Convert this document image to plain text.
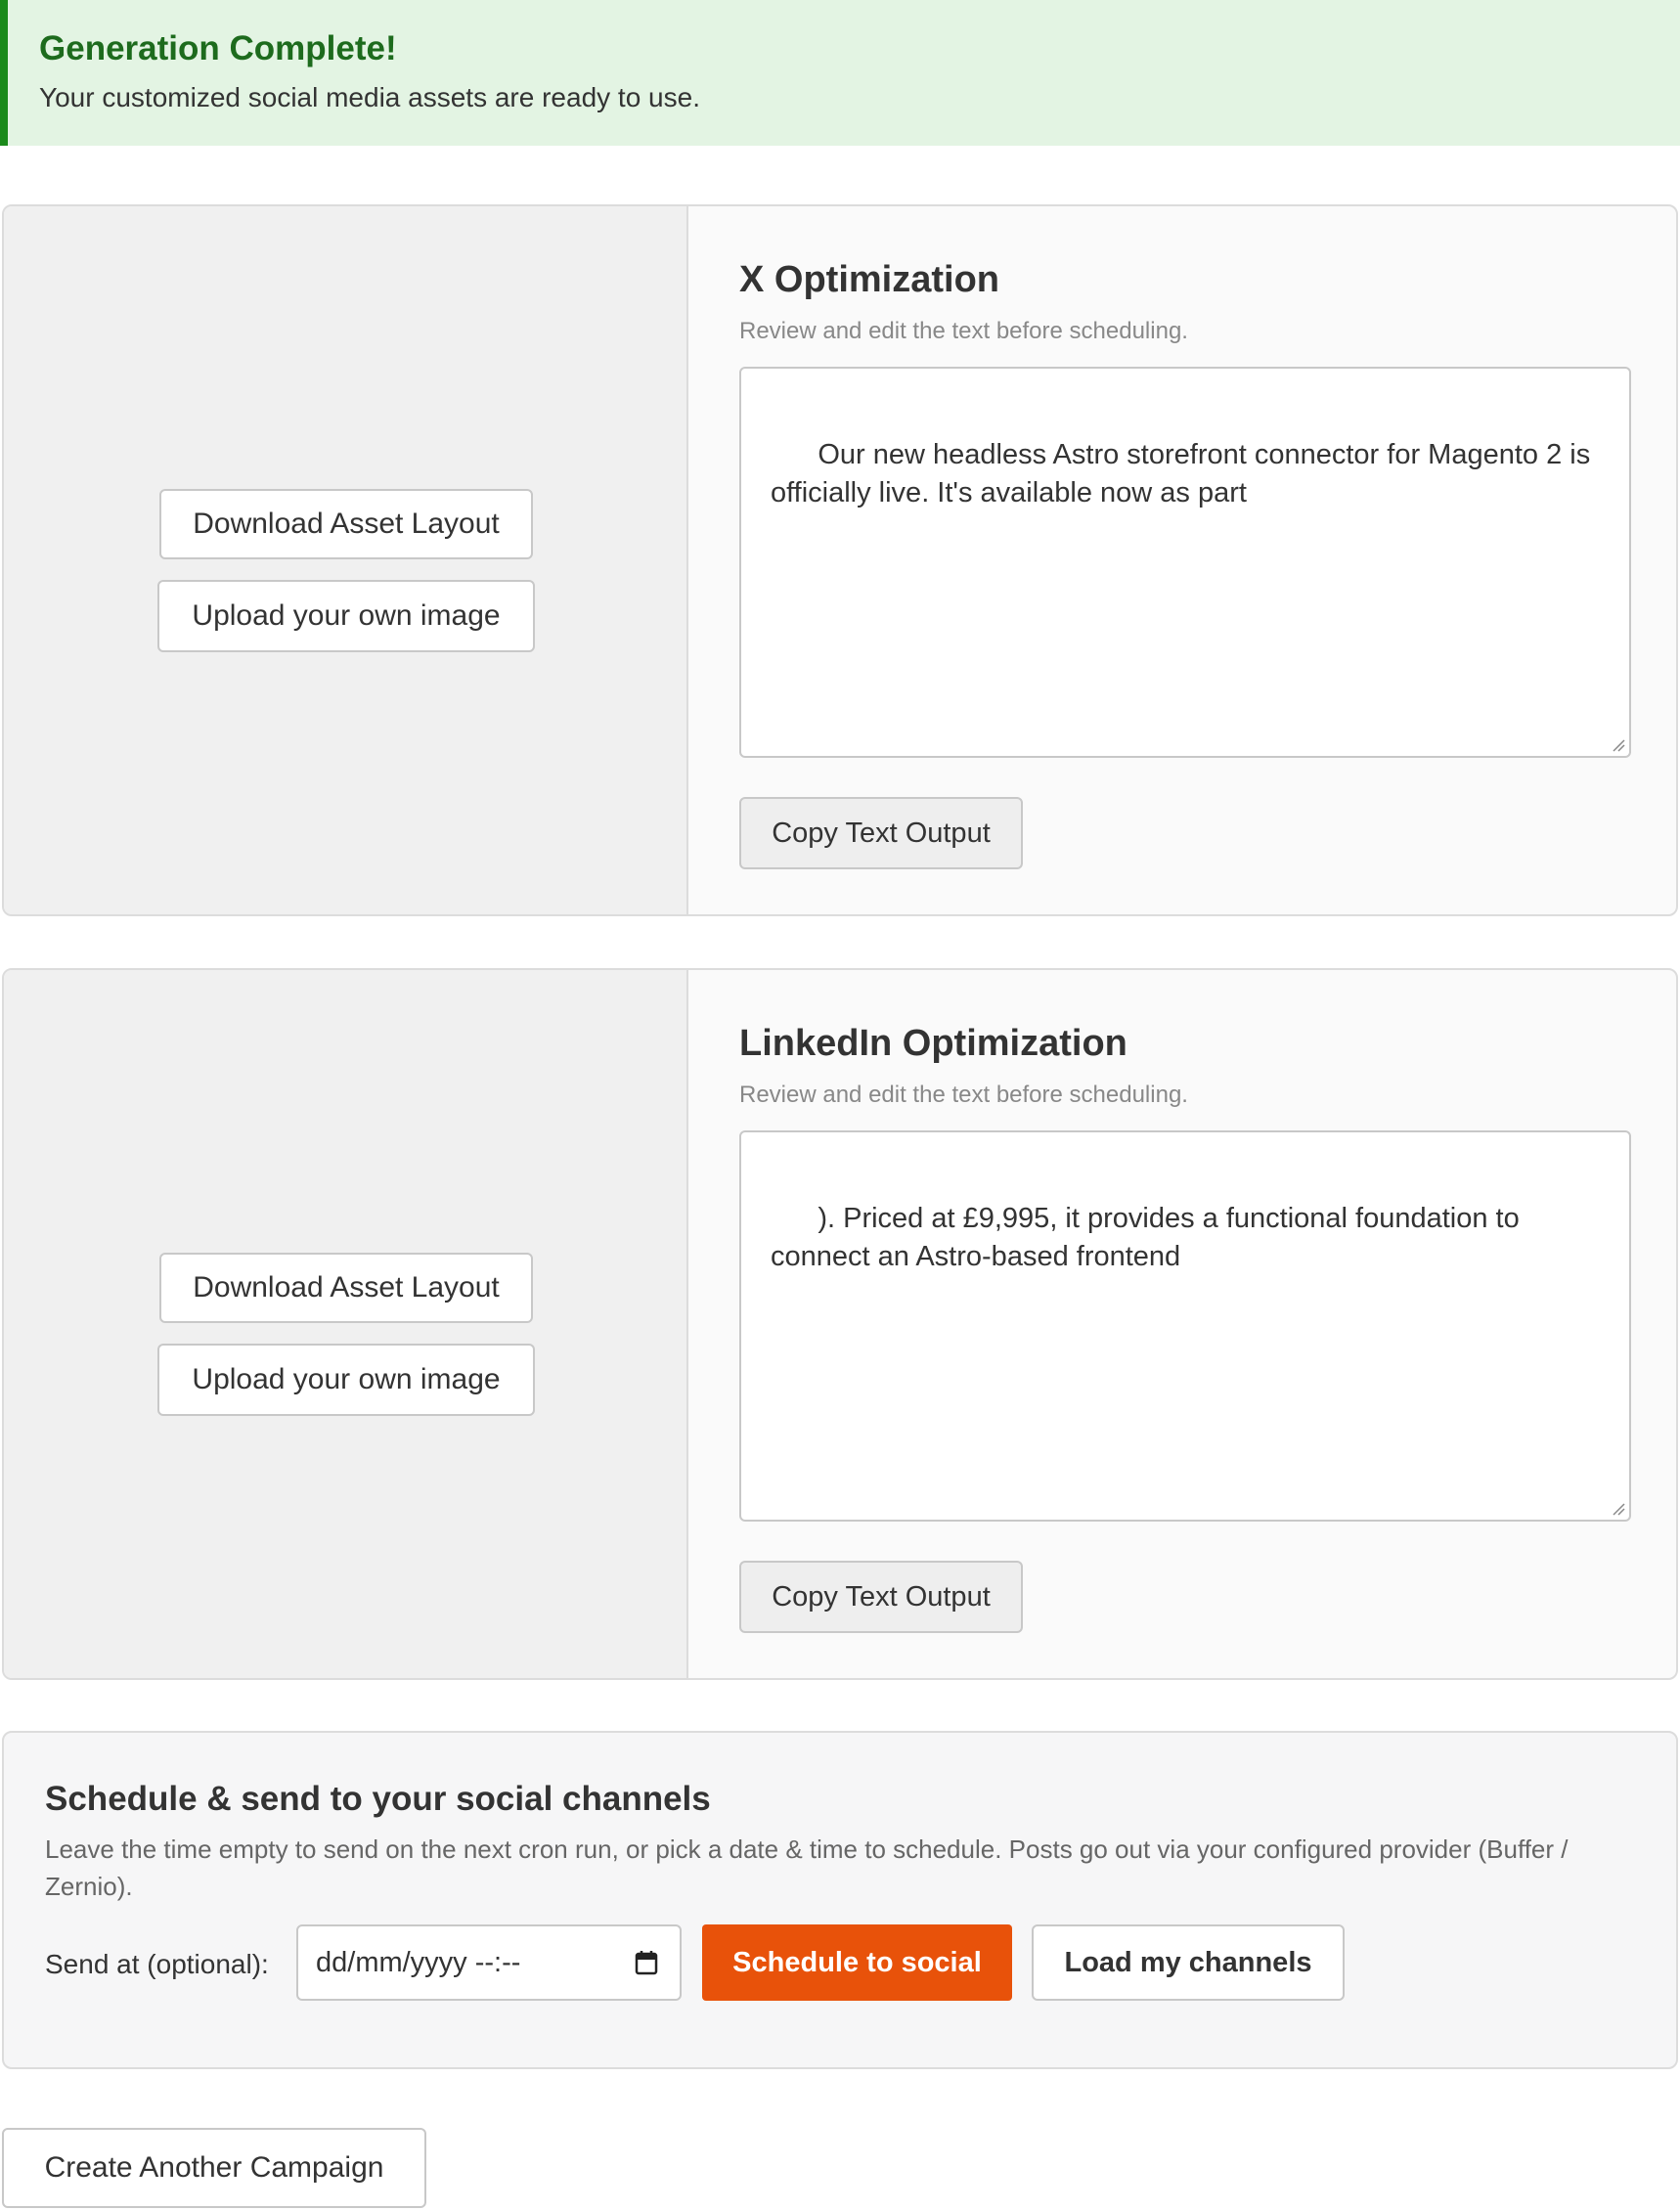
Generation Complete!
Your customized social media assets are ready to use.
Download Asset Layout
Upload your own image
X Optimization
Review and edit the text before scheduling.

Our new headless Astro storefront connector for Magento 2 is officially live. It's available now as part

Copy Text Output
Download Asset Layout
Upload your own image
LinkedIn Optimization
Review and edit the text before scheduling.

). Priced at £9,995, it provides a functional foundation to connect an Astro-based frontend

Copy Text Output
Schedule & send to your social channels
Leave the time empty to send on the next cron run, or pick a date & time to schedule. Posts go out via your configured provider (Buffer / Zernio).
Send at (optional):	dd/mm/yyyy --:--	Schedule to social	Load my channels
Create Another Campaign
